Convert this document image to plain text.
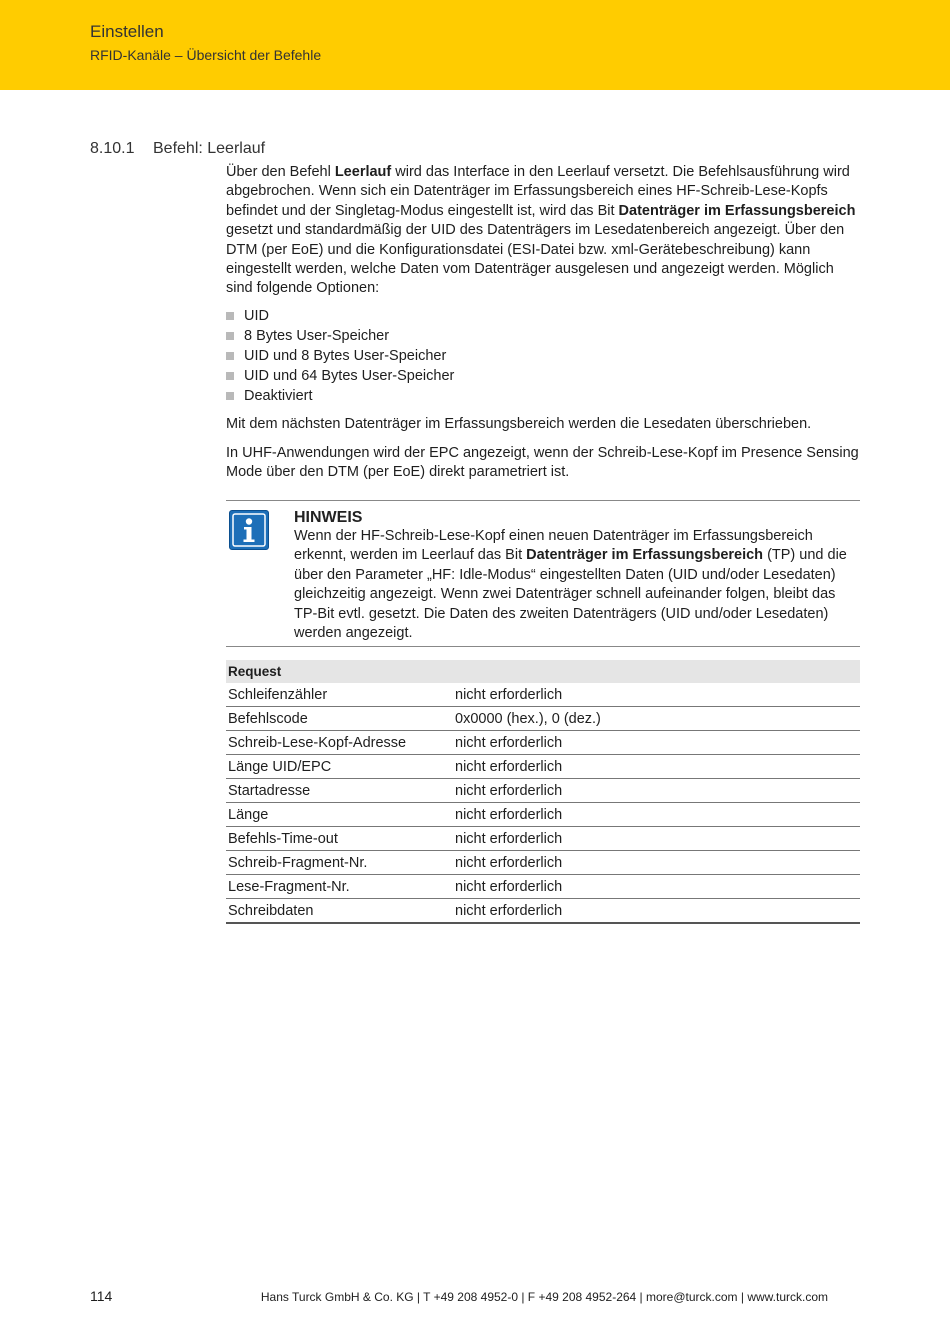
Einstellen
RFID-Kanäle – Übersicht der Befehle
8.10.1 Befehl: Leerlauf

Über den Befehl Leerlauf wird das Interface in den Leerlauf versetzt. Die Befehlsausführung wird abgebrochen. Wenn sich ein Datenträger im Erfassungsbereich eines HF-Schreib-Lese-Kopfs befindet und der Singletag-Modus eingestellt ist, wird das Bit Datenträger im Erfassungsbereich gesetzt und standardmäßig der UID des Datenträgers im Lesedatenbereich angezeigt. Über den DTM (per EoE) und die Konfigurationsdatei (ESI-Datei bzw. xml-Gerätebeschreibung) kann eingestellt werden, welche Daten vom Datenträger ausgelesen und angezeigt werden. Möglich sind folgende Optionen:

UID
8 Bytes User-Speicher
UID und 8 Bytes User-Speicher
UID und 64 Bytes User-Speicher
Deaktiviert
Mit dem nächsten Datenträger im Erfassungsbereich werden die Lesedaten überschrieben.
In UHF-Anwendungen wird der EPC angezeigt, wenn der Schreib-Lese-Kopf im Presence Sensing Mode über den DTM (per EoE) direkt parametriert ist.
HINWEIS
Wenn der HF-Schreib-Lese-Kopf einen neuen Datenträger im Erfassungsbereich erkennt, werden im Leerlauf das Bit Datenträger im Erfassungsbereich (TP) und die über den Parameter „HF: Idle-Modus“ eingestellten Daten (UID und/oder Lesedaten) gleichzeitig angezeigt. Wenn zwei Datenträger schnell aufeinander folgen, bleibt das TP-Bit evtl. gesetzt. Die Daten des zweiten Datenträgers (UID und/oder Lesedaten) werden angezeigt.
Request	
Schleifenzähler	nicht erforderlich
Befehlscode	0x0000 (hex.), 0 (dez.)
Schreib-Lese-Kopf-Adresse	nicht erforderlich
Länge UID/EPC	nicht erforderlich
Startadresse	nicht erforderlich
Länge	nicht erforderlich
Befehls-Time-out	nicht erforderlich
Schreib-Fragment-Nr.	nicht erforderlich
Lese-Fragment-Nr.	nicht erforderlich
Schreibdaten	nicht erforderlich
114	Hans Turck GmbH & Co. KG | T +49 208 4952-0 | F +49 208 4952-264 | more@turck.com | www.turck.com
